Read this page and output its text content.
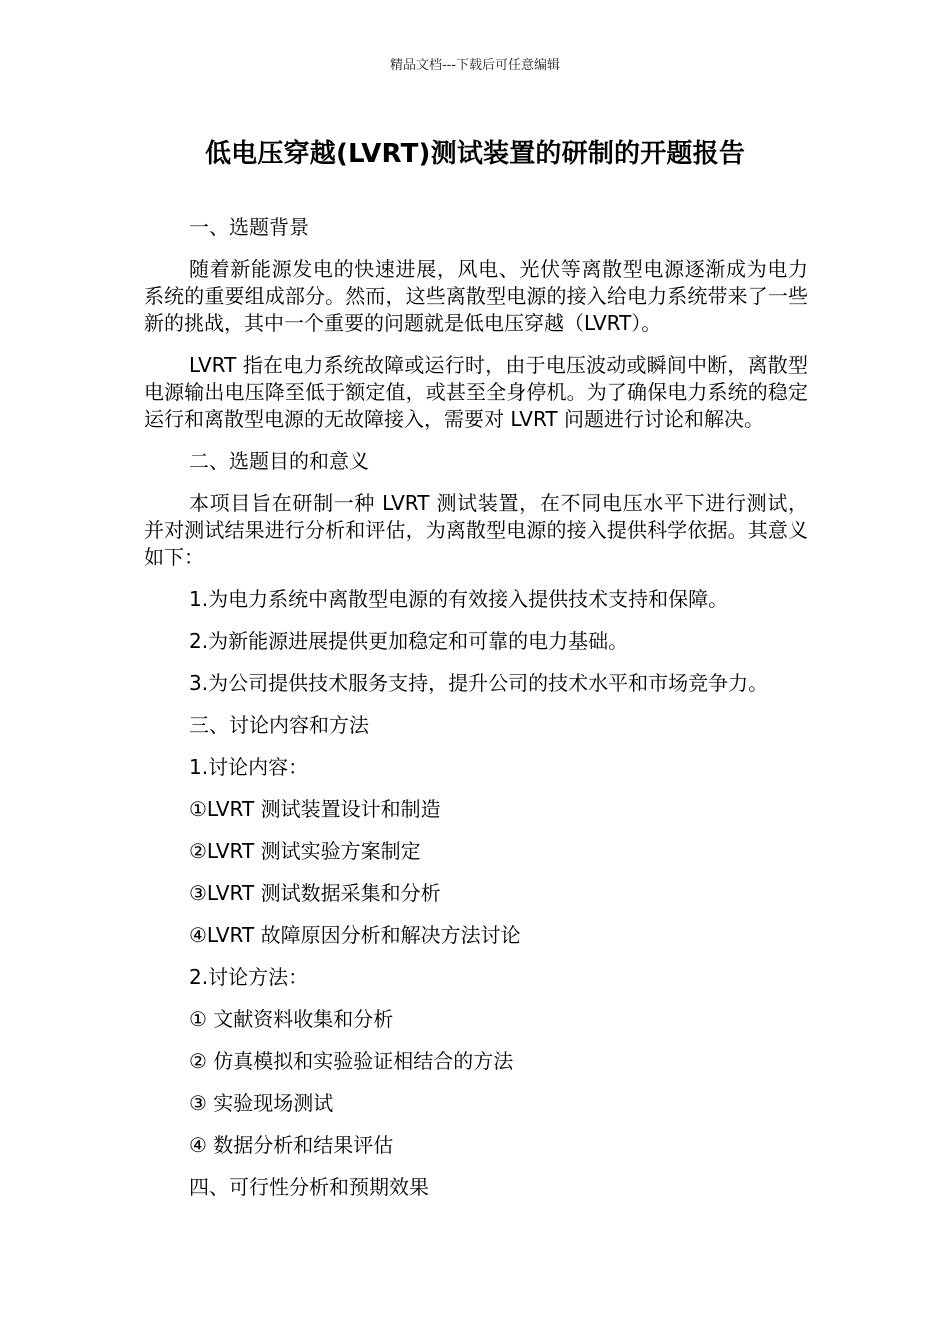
精品文档---下载后可任意编辑
低电压穿越(LVRT)测试装置的研制的开题报告

一、选题背景

随着新能源发电的快速进展，风电、光伏等离散型电源逐渐成为电力系统的重要组成部分。然而，这些离散型电源的接入给电力系统带来了一些新的挑战，其中一个重要的问题就是低电压穿越（LVRT）。

LVRT 指在电力系统故障或运行时，由于电压波动或瞬间中断，离散型电源输出电压降至低于额定值，或甚至全身停机。为了确保电力系统的稳定运行和离散型电源的无故障接入，需要对 LVRT 问题进行讨论和解决。

二、选题目的和意义

本项目旨在研制一种 LVRT 测试装置，在不同电压水平下进行测试，并对测试结果进行分析和评估，为离散型电源的接入提供科学依据。其意义如下：

1.为电力系统中离散型电源的有效接入提供技术支持和保障。

2.为新能源进展提供更加稳定和可靠的电力基础。

3.为公司提供技术服务支持，提升公司的技术水平和市场竞争力。

三、讨论内容和方法

1.讨论内容：

①LVRT 测试装置设计和制造

②LVRT 测试实验方案制定

③LVRT 测试数据采集和分析

④LVRT 故障原因分析和解决方法讨论

2.讨论方法：

① 文献资料收集和分析

② 仿真模拟和实验验证相结合的方法

③ 实验现场测试

④ 数据分析和结果评估

四、可行性分析和预期效果
